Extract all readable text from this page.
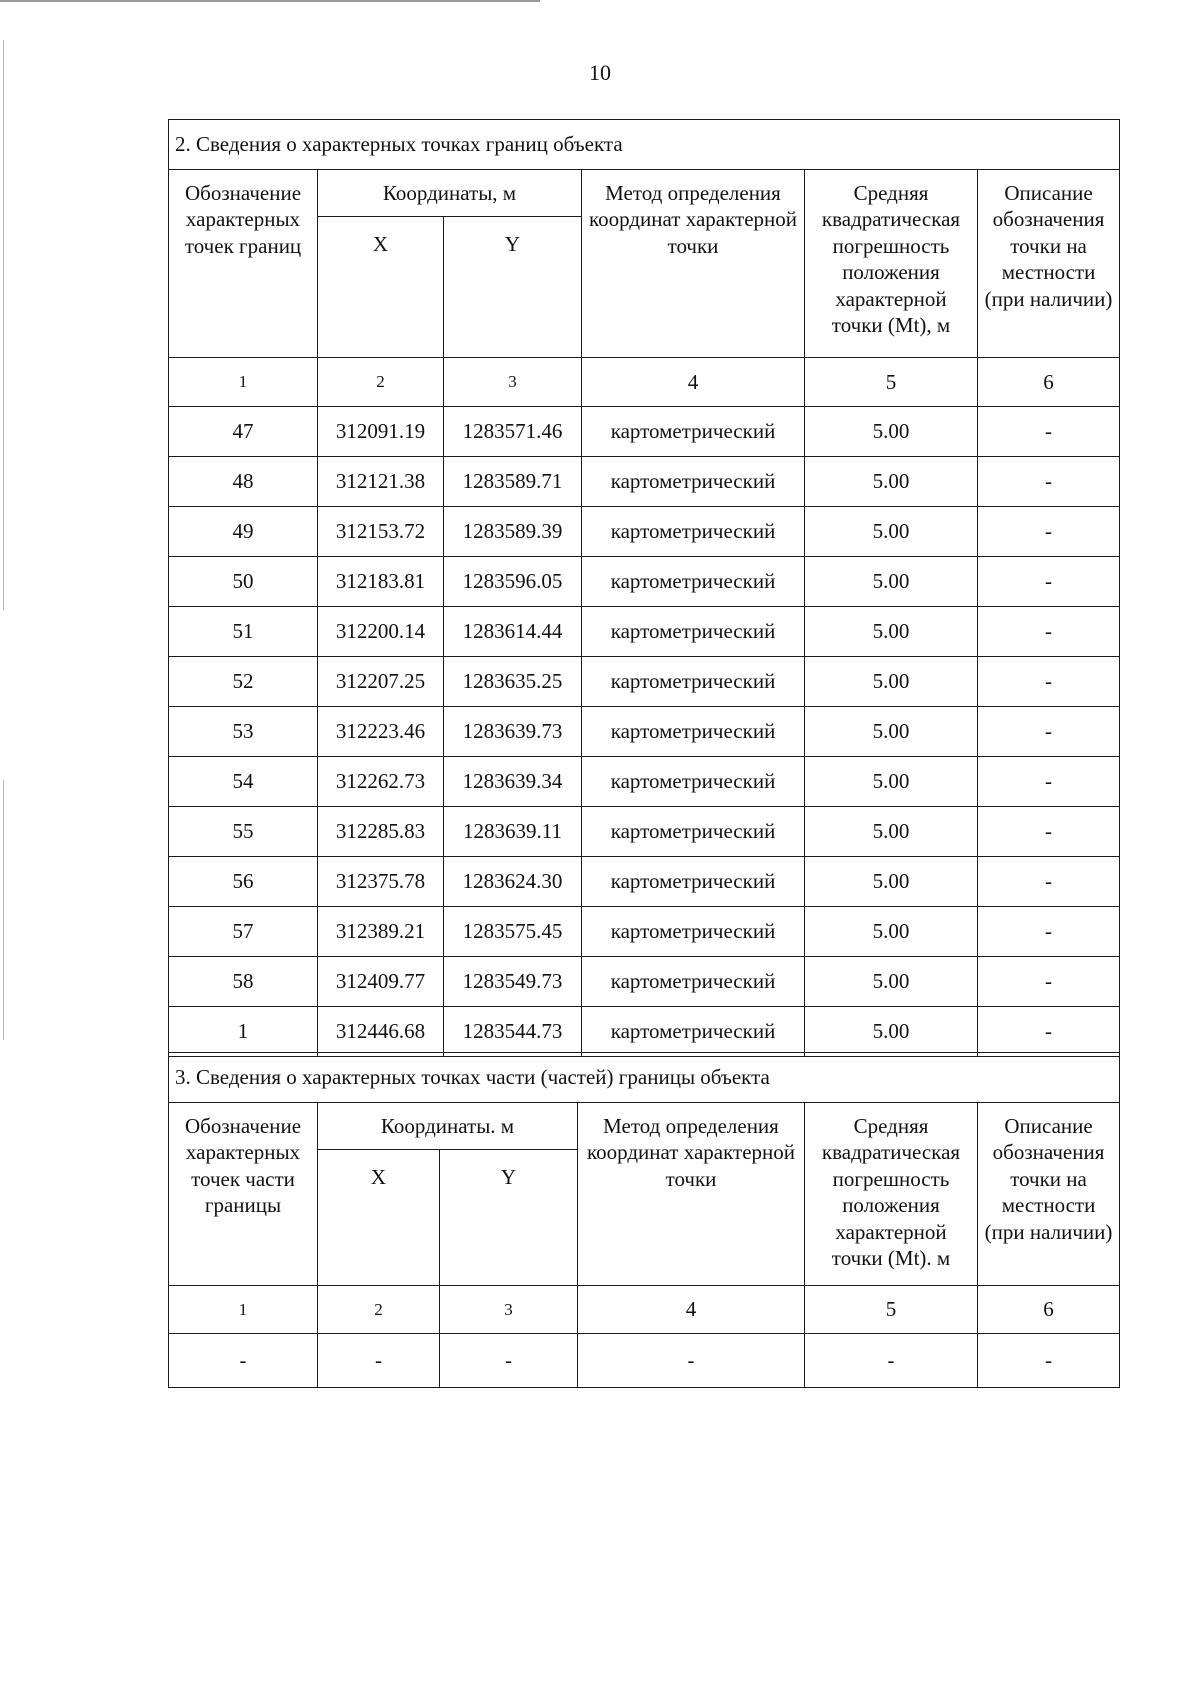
10
2. Сведения о характерных точках границ объекта					
Обозначение характерных точек границ	Координаты, м		Метод определения координат характерной точки	Средняя квадратическая погрешность положения характерной точки (Mt), м	Описание обозначения точки на местности (при наличии)
	X	Y			
1	2	3	4	5	6
47	312091.19	1283571.46	картометрический	5.00	-
48	312121.38	1283589.71	картометрический	5.00	-
49	312153.72	1283589.39	картометрический	5.00	-
50	312183.81	1283596.05	картометрический	5.00	-
51	312200.14	1283614.44	картометрический	5.00	-
52	312207.25	1283635.25	картометрический	5.00	-
53	312223.46	1283639.73	картометрический	5.00	-
54	312262.73	1283639.34	картометрический	5.00	-
55	312285.83	1283639.11	картометрический	5.00	-
56	312375.78	1283624.30	картометрический	5.00	-
57	312389.21	1283575.45	картометрический	5.00	-
58	312409.77	1283549.73	картометрический	5.00	-
1	312446.68	1283544.73	картометрический	5.00	-
3. Сведения о характерных точках части (частей) границы объекта					
Обозначение характерных точек части границы	Координаты. м		Метод определения координат характерной точки	Средняя квадратическая погрешность положения характерной точки (Mt). м	Описание обозначения точки на местности (при наличии)
	X	Y			
1	2	3	4	5	6
-	-	-	-	-	-
